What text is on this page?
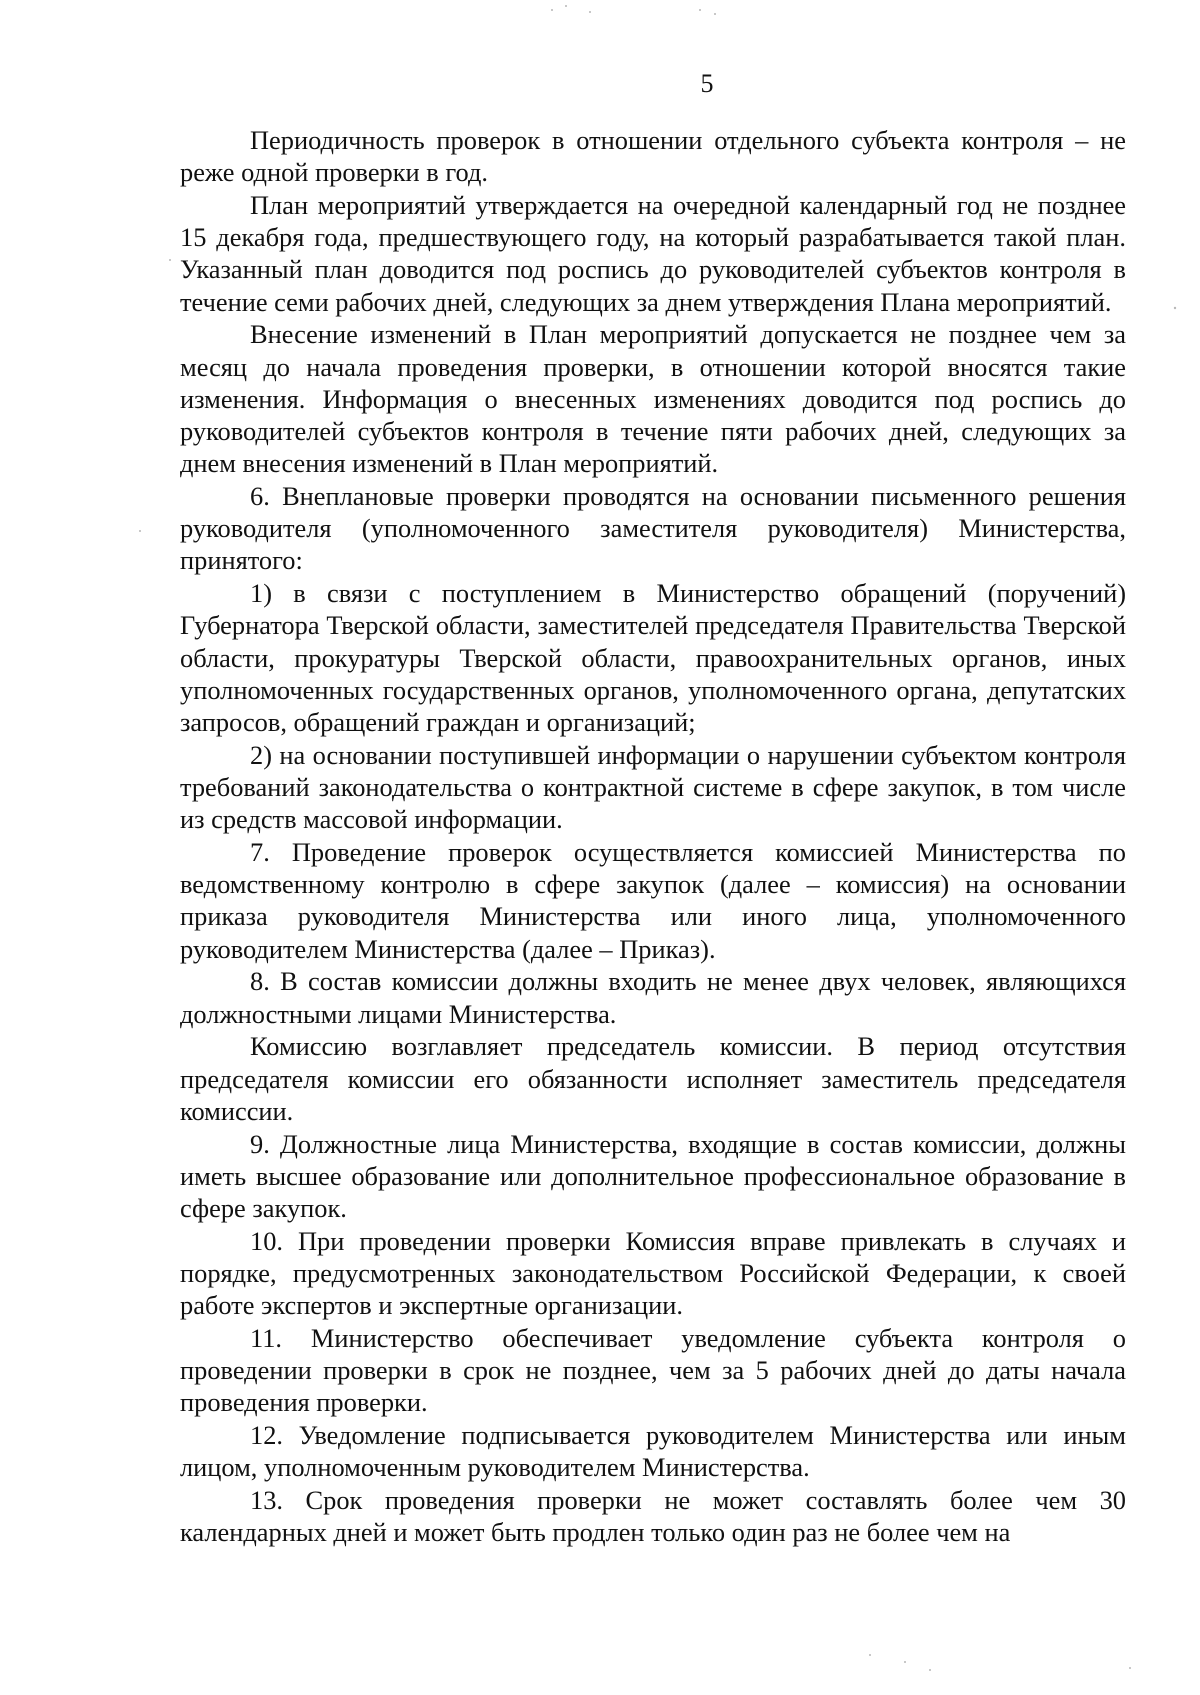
5

Периодичность проверок в отношении отдельного субъекта контроля – не реже одной проверки в год.

План мероприятий утверждается на очередной календарный год не позднее 15 декабря года, предшествующего году, на который разрабатывается такой план. Указанный план доводится под роспись до руководителей субъектов контроля в течение семи рабочих дней, следующих за днем утверждения Плана мероприятий.

Внесение изменений в План мероприятий допускается не позднее чем за месяц до начала проведения проверки, в отношении которой вносятся такие изменения. Информация о внесенных изменениях доводится под роспись до руководителей субъектов контроля в течение пяти рабочих дней, следующих за днем внесения изменений в План мероприятий.

6. Внеплановые проверки проводятся на основании письменного решения руководителя (уполномоченного заместителя руководителя) Министерства, принятого:

1) в связи с поступлением в Министерство обращений (поручений) Губернатора Тверской области, заместителей председателя Правительства Тверской области, прокуратуры Тверской области, правоохранительных органов, иных уполномоченных государственных органов, уполномоченного органа, депутатских запросов, обращений граждан и организаций;

2) на основании поступившей информации о нарушении субъектом контроля требований законодательства о контрактной системе в сфере закупок, в том числе из средств массовой информации.

7. Проведение проверок осуществляется комиссией Министерства по ведомственному контролю в сфере закупок (далее – комиссия) на основании приказа руководителя Министерства или иного лица, уполномоченного руководителем Министерства (далее – Приказ).

8. В состав комиссии должны входить не менее двух человек, являющихся должностными лицами Министерства.

Комиссию возглавляет председатель комиссии. В период отсутствия председателя комиссии его обязанности исполняет заместитель председателя комиссии.

9. Должностные лица Министерства, входящие в состав комиссии, должны иметь высшее образование или дополнительное профессиональное образование в сфере закупок.

10. При проведении проверки Комиссия вправе привлекать в случаях и порядке, предусмотренных законодательством Российской Федерации, к своей работе экспертов и экспертные организации.

11. Министерство обеспечивает уведомление субъекта контроля о проведении проверки в срок не позднее, чем за 5 рабочих дней до даты начала проведения проверки.

12. Уведомление подписывается руководителем Министерства или иным лицом, уполномоченным руководителем Министерства.

13. Срок проведения проверки не может составлять более чем 30 календарных дней и может быть продлен только один раз не более чем на
